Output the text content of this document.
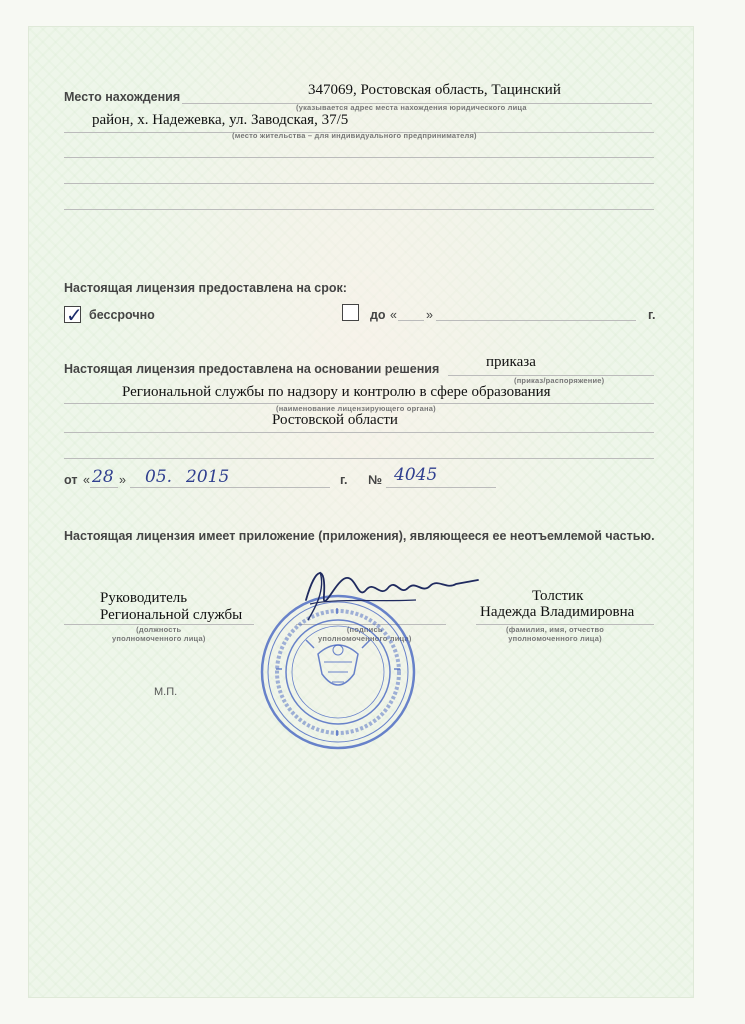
Место нахождения	347069, Ростовская область, Тацинский
(указывается адрес места нахождения юридического лица
район, х. Надежевка, ул. Заводская, 37/5
(место жительства – для индивидуального предпринимателя)
Настоящая лицензия предоставлена на срок:
✓ бессрочно	до « »	г.
Настоящая лицензия предоставлена на основании решения	приказа
(приказ/распоряжение)
Региональной службы по надзору и контролю в сфере образования
(наименование лицензирующего органа)
Ростовской области
от « 28 » 05. 2015	г. № 4045
Настоящая лицензия имеет приложение (приложения), являющееся ее неотъемлемой частью.
Руководитель
Региональной службы
(должность
уполномоченного лица)
(подпись
уполномоченного лица)
Толстик
Надежда Владимировна
(фамилия, имя, отчество
уполномоченного лица)
М.П.
